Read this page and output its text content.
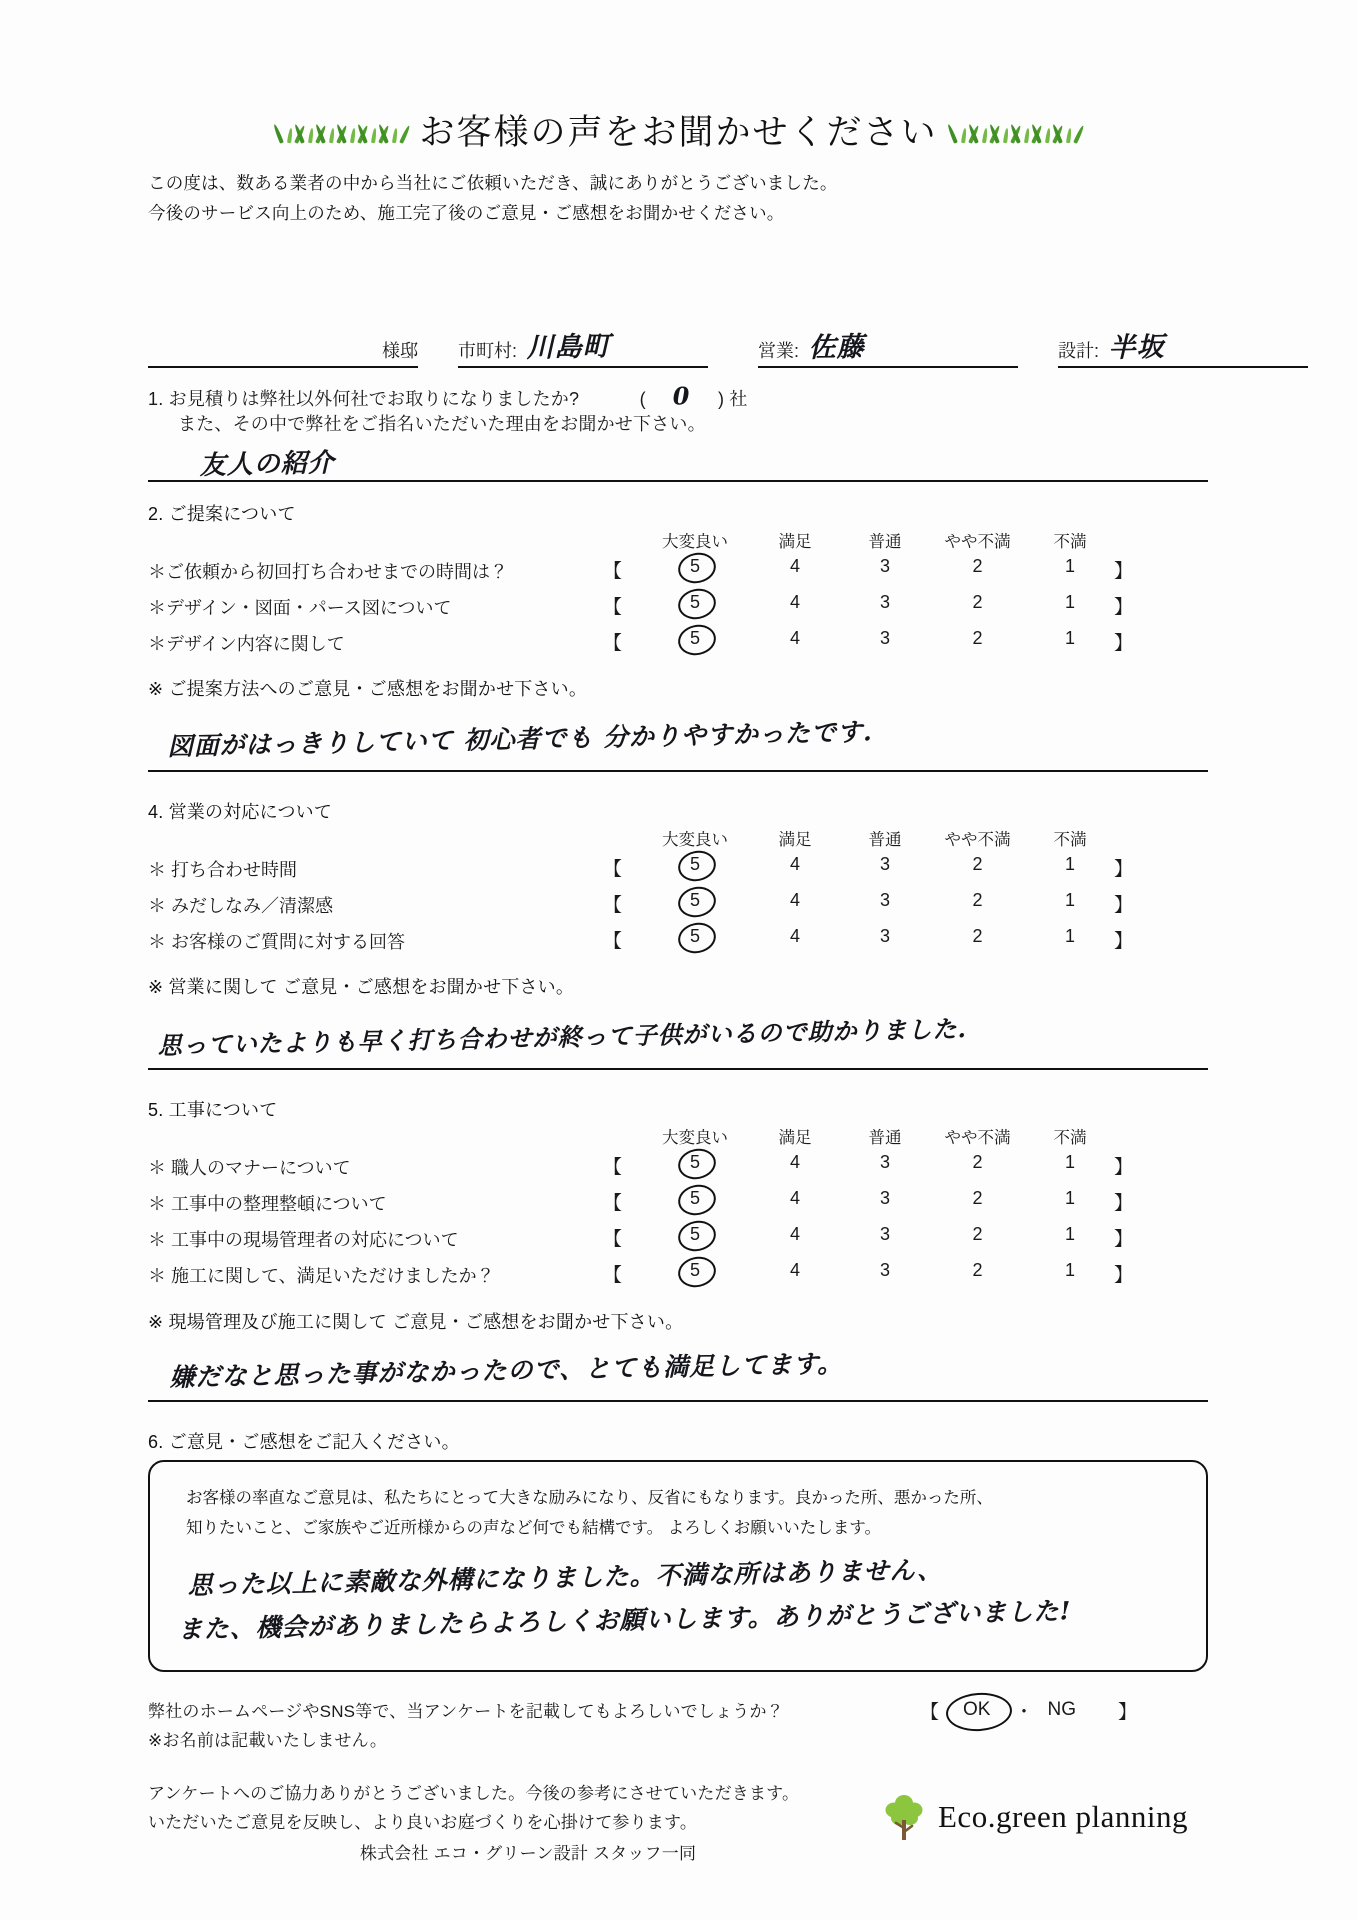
お客様の声をお聞かせください
この度は、数ある業者の中から当社にご依頼いただき、誠にありがとうございました。
今後のサービス向上のため、施工完了後のご意見・ご感想をお聞かせください。
様邸 市町村: 川島町	営業: 佐藤	設計: 半坂
1. お見積りは弊社以外何社でお取りになりましたか?	( 0 ) 社
また、その中で弊社をご指名いただいた理由をお聞かせ下さい。
友人の紹介
2. ご提案について
大変良い	満足	普通	やや不満	不満
＊ご依頼から初回打ち合わせまでの時間は？	【	5	4	3	2	1	】
＊デザイン・図面・パース図について	【	5	4	3	2	1	】
＊デザイン内容に関して	【	5	4	3	2	1	】
※ ご提案方法へのご意見・ご感想をお聞かせ下さい。
図面がはっきりしていて 初心者でも 分かりやすかったです.
4. 営業の対応について
大変良い	満足	普通	やや不満	不満
＊ 打ち合わせ時間	【	5	4	3	2	1	】
＊ みだしなみ／清潔感	【	5	4	3	2	1	】
＊ お客様のご質問に対する回答	【	5	4	3	2	1	】
※ 営業に関して ご意見・ご感想をお聞かせ下さい。
思っていたよりも早く打ち合わせが終って子供がいるので助かりました.
5. 工事について
大変良い	満足	普通	やや不満	不満
＊ 職人のマナーについて	【	5	4	3	2	1	】
＊ 工事中の整理整頓について	【	5	4	3	2	1	】
＊ 工事中の現場管理者の対応について	【	5	4	3	2	1	】
＊ 施工に関して、満足いただけましたか？	【	5	4	3	2	1	】
※ 現場管理及び施工に関して ご意見・ご感想をお聞かせ下さい。
嫌だなと思った事がなかったので、とても満足してます。
6. ご意見・ご感想をご記入ください。
お客様の率直なご意見は、私たちにとって大きな励みになり、反省にもなります。良かった所、悪かった所、
知りたいこと、ご家族やご近所様からの声など何でも結構です。 よろしくお願いいたします。
思った以上に素敵な外構になりました。不満な所はありません、
また、機会がありましたらよろしくお願いします。ありがとうございました!
弊社のホームページやSNS等で、当アンケートを記載してもよろしいでしょうか？
※お名前は記載いたしません。
【	OK	・ NG 】
アンケートへのご協力ありがとうございました。今後の参考にさせていただきます。
いただいたご意見を反映し、より良いお庭づくりを心掛けて参ります。
株式会社 エコ・グリーン設計 スタッフ一同
Eco.green planning
